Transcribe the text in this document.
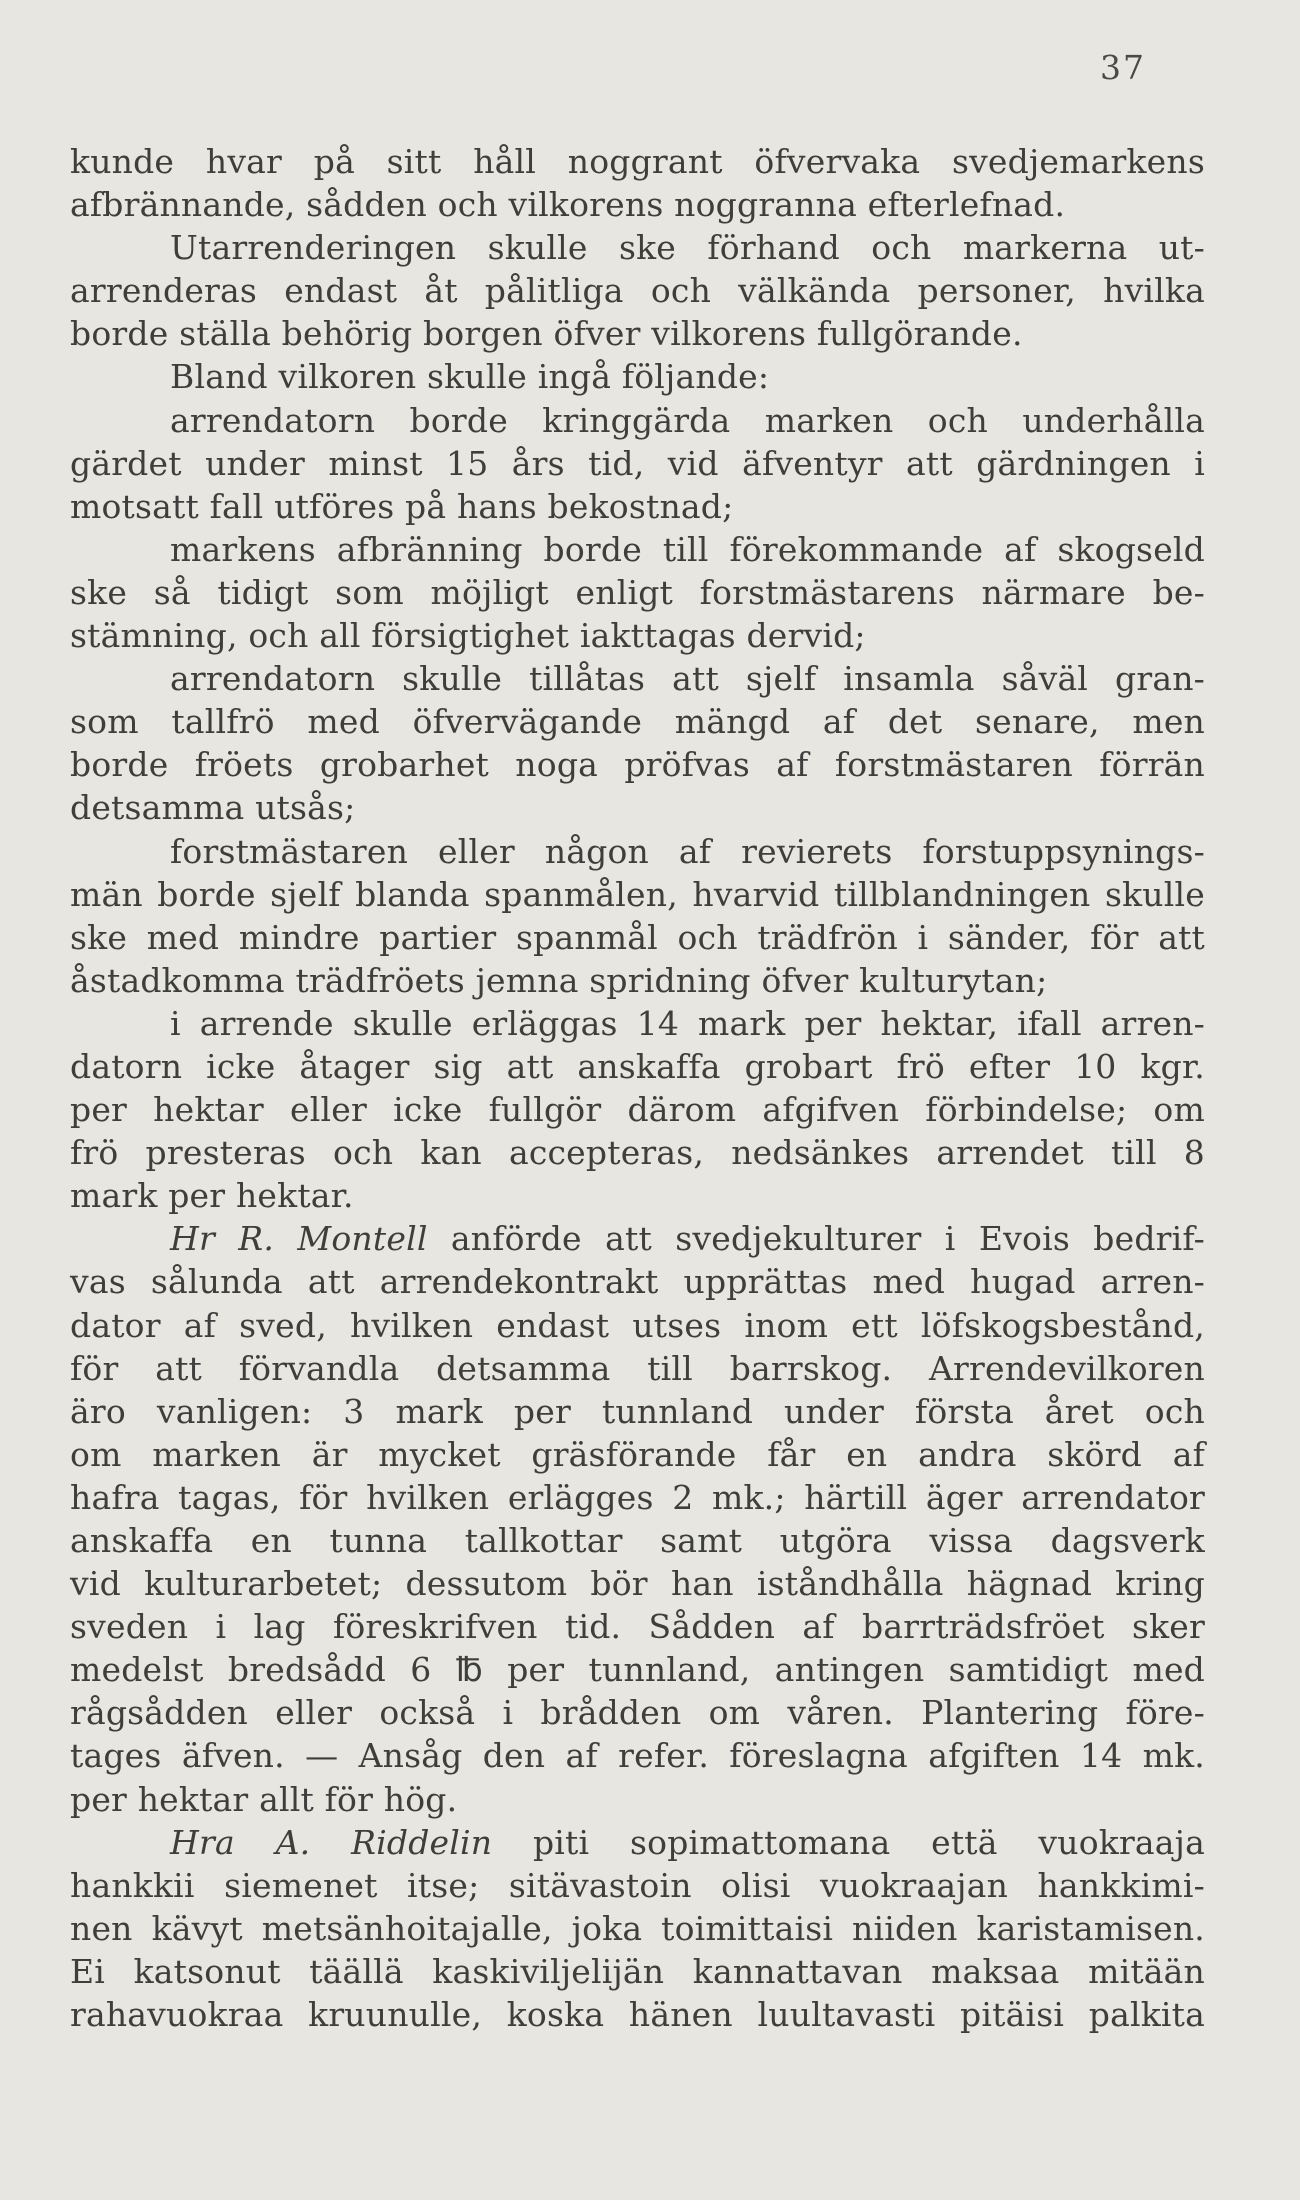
37
kunde hvar på sitt håll noggrant öfvervaka svedjemarkens
afbrännande, sådden och vilkorens noggranna efterlefnad.
Utarrenderingen skulle ske förhand och markerna ut-
arrenderas endast åt pålitliga och välkända personer, hvilka
borde ställa behörig borgen öfver vilkorens fullgörande.
Bland vilkoren skulle ingå följande:
arrendatorn borde kringgärda marken och underhålla
gärdet under minst 15 års tid, vid äfventyr att gärdningen i
motsatt fall utföres på hans bekostnad;
markens afbränning borde till förekommande af skogseld
ske så tidigt som möjligt enligt forstmästarens närmare be-
stämning, och all försigtighet iakttagas dervid;
arrendatorn skulle tillåtas att sjelf insamla såväl gran-
som tallfrö med öfvervägande mängd af det senare, men
borde fröets grobarhet noga pröfvas af forstmästaren förrän
detsamma utsås;
forstmästaren eller någon af revierets forstuppsynings-
män borde sjelf blanda spanmålen, hvarvid tillblandningen skulle
ske med mindre partier spanmål och trädfrön i sänder, för att
åstadkomma trädfröets jemna spridning öfver kulturytan;
i arrende skulle erläggas 14 mark per hektar, ifall arren-
datorn icke åtager sig att anskaffa grobart frö efter 10 kgr.
per hektar eller icke fullgör därom afgifven förbindelse; om
frö presteras och kan accepteras, nedsänkes arrendet till 8
mark per hektar.
Hr R. Montell anförde att svedjekulturer i Evois bedrif-
vas sålunda att arrendekontrakt upprättas med hugad arren-
dator af sved, hvilken endast utses inom ett löfskogsbestånd,
för att förvandla detsamma till barrskog. Arrendevilkoren
äro vanligen: 3 mark per tunnland under första året och
om marken är mycket gräsförande får en andra skörd af
hafra tagas, för hvilken erlägges 2 mk.; härtill äger arrendator
anskaffa en tunna tallkottar samt utgöra vissa dagsverk
vid kulturarbetet; dessutom bör han iståndhålla hägnad kring
sveden i lag föreskrifven tid. Sådden af barrträdsfröet sker
medelst bredsådd 6 ℔ per tunnland, antingen samtidigt med
rågsådden eller också i brådden om våren. Plantering före-
tages äfven. — Ansåg den af refer. föreslagna afgiften 14 mk.
per hektar allt för hög.
Hra A. Riddelin piti sopimattomana että vuokraaja
hankkii siemenet itse; sitävastoin olisi vuokraajan hankkimi-
nen kävyt metsänhoitajalle, joka toimittaisi niiden karistamisen.
Ei katsonut täällä kaskiviljelijän kannattavan maksaa mitään
rahavuokraa kruunulle, koska hänen luultavasti pitäisi palkita
